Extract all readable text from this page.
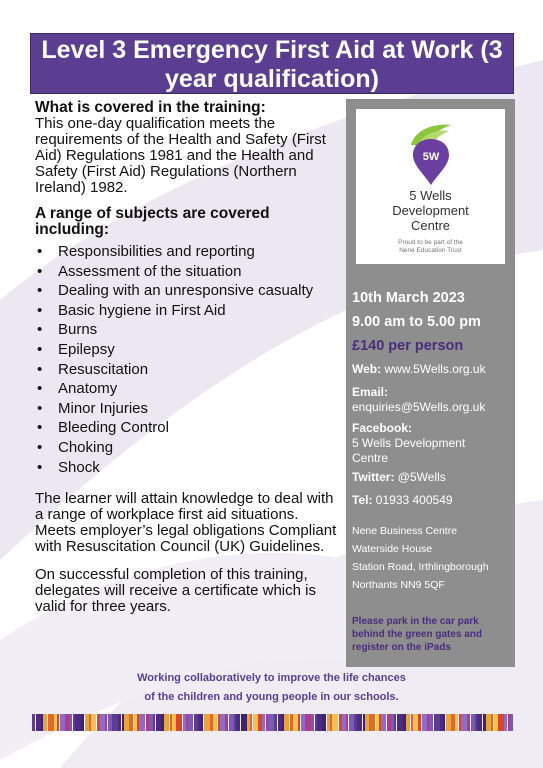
Level 3 Emergency First Aid at Work (3 year qualification)

What is covered in the training:

This one-day qualification meets the requirements of the Health and Safety (First Aid) Regulations 1981 and the Health and Safety (First Aid) Regulations (Northern Ireland) 1982.

A range of subjects are covered including:

• Responsibilities and reporting
• Assessment of the situation
• Dealing with an unresponsive casualty
• Basic hygiene in First Aid
• Burns
• Epilepsy
• Resuscitation
• Anatomy
• Minor Injuries
• Bleeding Control
• Choking
• Shock

The learner will attain knowledge to deal with a range of workplace first aid situations. Meets employer’s legal obligations Compliant with Resuscitation Council (UK) Guidelines.

On successful completion of this training, delegates will receive a certificate which is valid for three years.

5W
5 Wells
Development
Centre
Proud to be part of the
Nene Education Trust
10th March 2023
9.00 am to 5.00 pm
£140 per person
Web: www.5Wells.org.uk
Email:
enquiries@5Wells.org.uk
Facebook:
5 Wells Development
Centre
Twitter: @5Wells
Tel: 01933 400549
Nene Business Centre
Waterside House
Station Road, Irthlingborough
Northants NN9 5QF
Please park in the car park behind the green gates and register on the iPads
Working collaboratively to improve the life chances
of the children and young people in our schools.
